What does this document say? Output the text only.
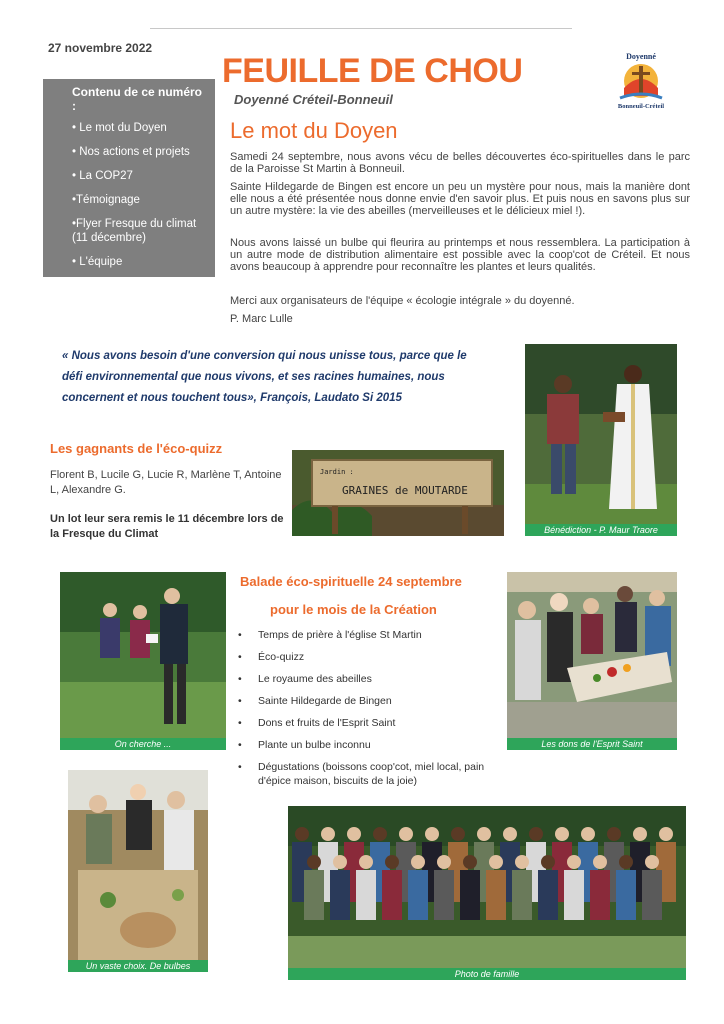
27 novembre 2022
FEUILLE DE CHOU
Doyenné Créteil-Bonneuil
Doyenné
Bonneuil-Créteil
Contenu de ce numéro :
• Le mot du Doyen
• Nos actions et projets
• La COP27
•Témoignage
•Flyer Fresque du climat (11 décembre)
• L'équipe
Le mot du Doyen

Samedi 24 septembre, nous avons vécu de belles découvertes éco-spirituelles dans le parc de la Paroisse St Martin à Bonneuil.

Sainte Hildegarde de Bingen est encore un peu un mystère pour nous, mais la manière dont elle nous a été présentée nous donne envie d'en savoir plus. Et puis nous en savons plus sur un autre mystère: la vie des abeilles (merveilleuses et le délicieux miel !).

Nous avons laissé un bulbe qui fleurira au printemps et nous ressemblera. La participation à un autre mode de distribution alimentaire est possible avec la coop'cot de Créteil. Et nous avons beaucoup à apprendre pour reconnaître les plantes et leurs qualités.

Merci aux organisateurs de l'équipe « écologie intégrale » du doyenné.

P. Marc Lulle

« Nous avons besoin d'une conversion qui nous unisse tous, parce que le défi environnemental que nous vivons, et ses racines humaines, nous concernent et nous touchent tous», François, Laudato Si 2015
Bénédiction - P. Maur Traore
Les gagnants de l'éco-quizz
Florent B, Lucile G, Lucie R, Marlène T, Antoine L, Alexandre G.
Un lot leur sera remis le 11 décembre lors de la Fresque du Climat
Jardin :
GRAINES de MOUTARDE
On cherche ...
Balade éco-spirituelle 24 septembre
pour le mois de la Création
• Temps de prière à l'église St Martin
• Éco-quizz
• Le royaume des abeilles
• Sainte Hildegarde de Bingen
• Dons et fruits de l'Esprit Saint
• Plante un bulbe inconnu
• Dégustations (boissons coop'cot, miel local, pain d'épice maison, biscuits de la joie)
Les dons de l'Esprit Saint
Un vaste choix. De bulbes
Photo de famille
